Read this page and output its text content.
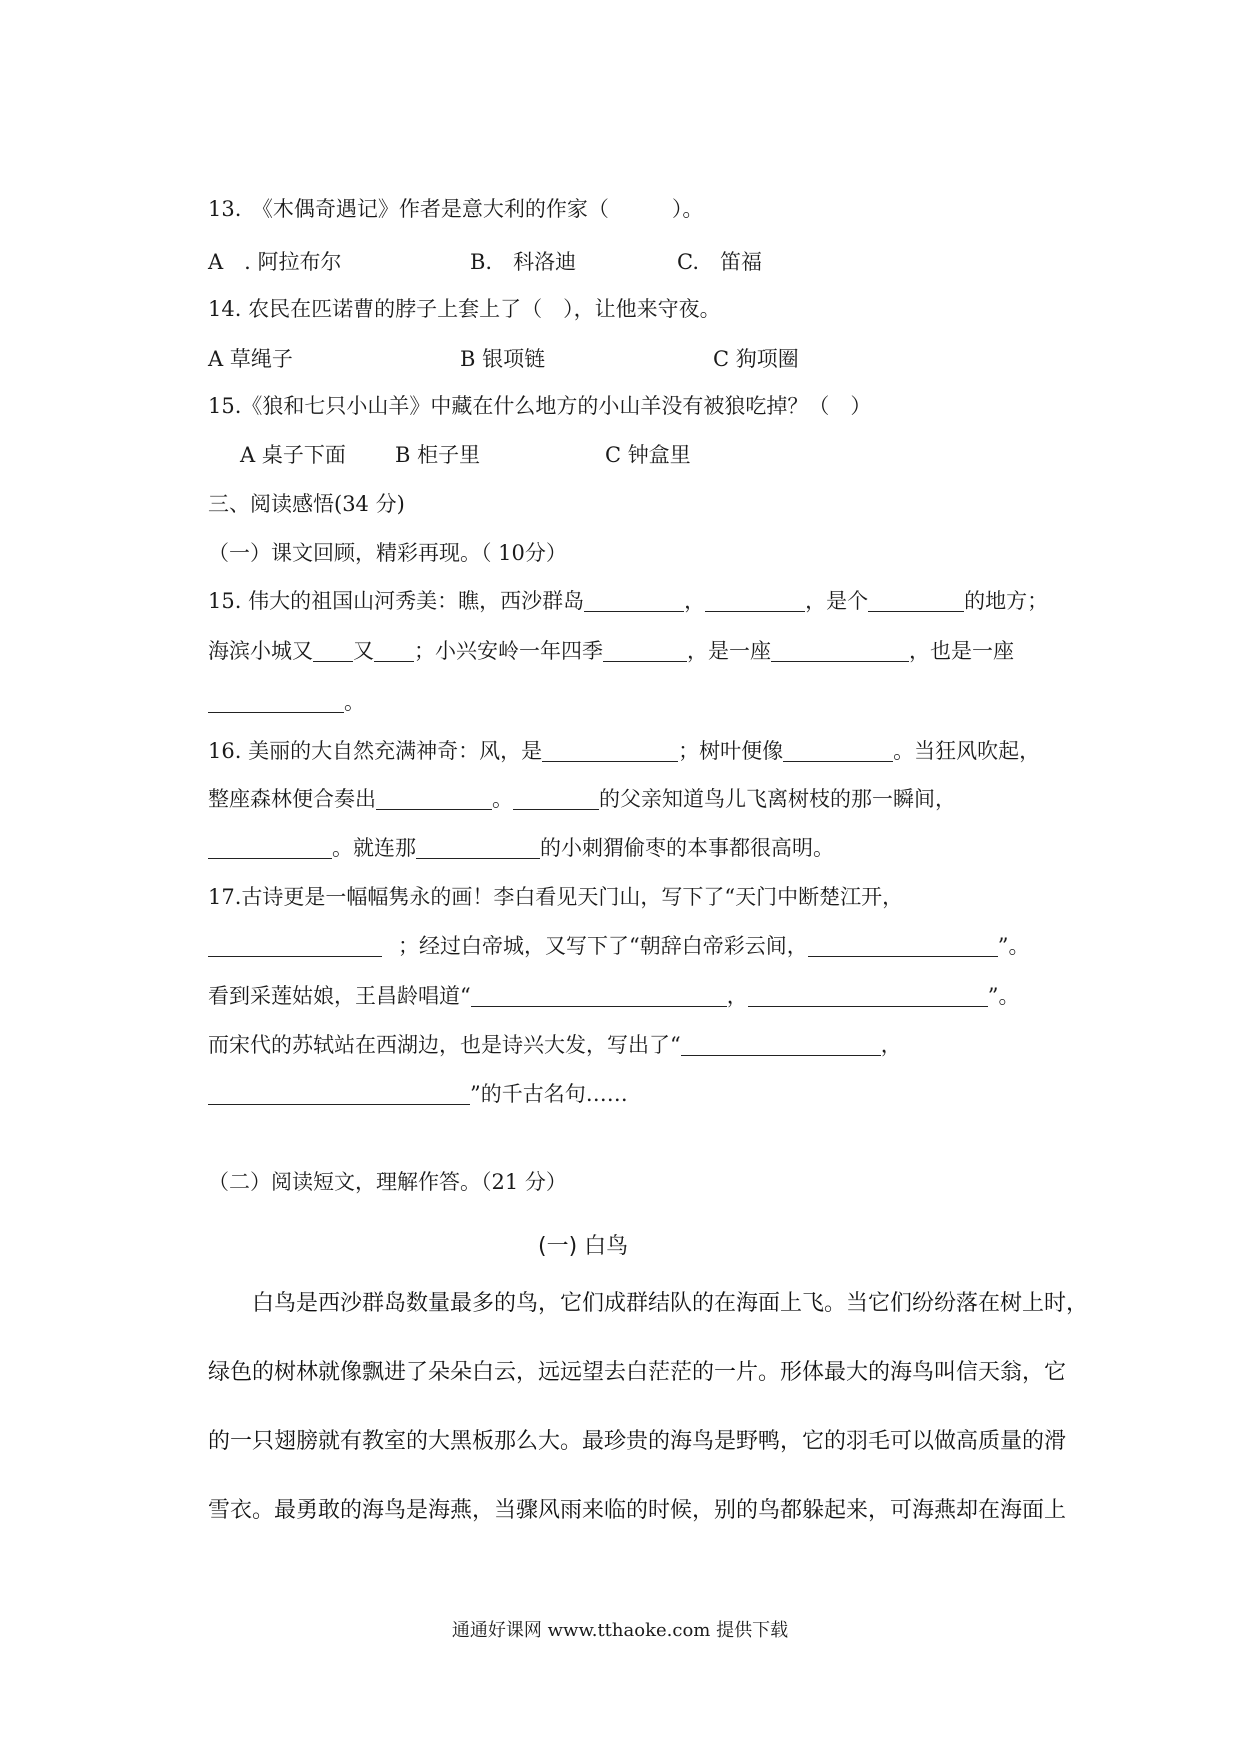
13.　《木偶奇遇记》作者是意大利的作家（　　　）。
A　. 阿拉布尔	B.　科洛迪	C.　笛福
14. 农民在匹诺曹的脖子上套上了（　），让他来守夜。
A 草绳子	B 银项链	C 狗项圈
15.《狼和七只小山羊》中藏在什么地方的小山羊没有被狼吃掉？（　）
A 桌子下面 B 柜子里	C 钟盒里
三、阅读感悟(34 分)
（一）课文回顾，精彩再现。（ 10分）
15. 伟大的祖国山河秀美：瞧，西沙群岛	，	，是个	的地方；
海滨小城又 又 ；小兴安岭一年四季	，是一座	，也是一座
。
16. 美丽的大自然充满神奇：风，是	；树叶便像	。当狂风吹起，
整座森林便合奏出	。	的父亲知道鸟儿飞离树枝的那一瞬间，
。就连那	的小刺猬偷枣的本事都很高明。
17.古诗更是一幅幅隽永的画！李白看见天门山，写下了“天门中断楚江开，
；经过白帝城，又写下了“朝辞白帝彩云间，	”。
看到采莲姑娘，王昌龄唱道“	，	”。
而宋代的苏轼站在西湖边，也是诗兴大发，写出了“	，
”的千古名句……
（二）阅读短文，理解作答。（21 分）
(一) 白鸟
白鸟是西沙群岛数量最多的鸟，它们成群结队的在海面上飞。当它们纷纷落在树上时，
绿色的树林就像飘进了朵朵白云，远远望去白茫茫的一片。形体最大的海鸟叫信天翁，它
的一只翅膀就有教室的大黑板那么大。最珍贵的海鸟是野鸭，它的羽毛可以做高质量的滑
雪衣。最勇敢的海鸟是海燕，当骤风雨来临的时候，别的鸟都躲起来，可海燕却在海面上
通通好课网 www.tthaoke.com 提供下载
